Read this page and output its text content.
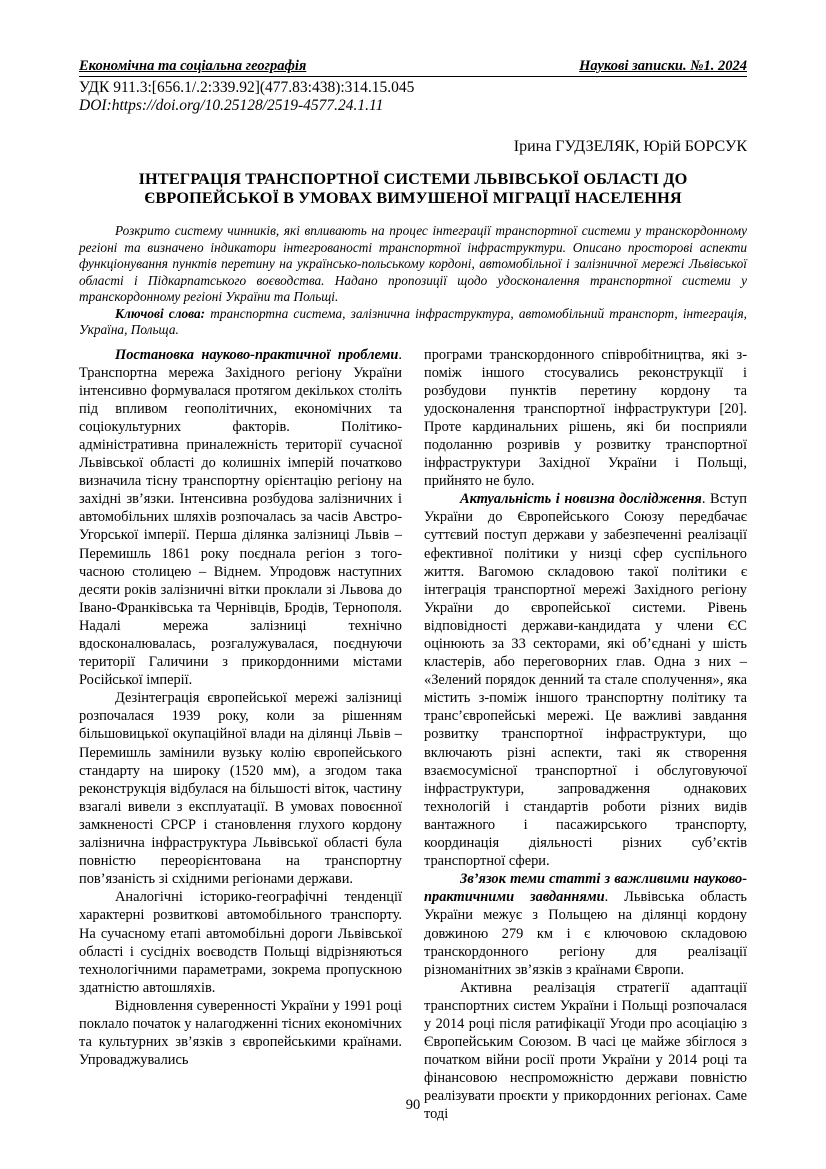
Економічна та соціальна географія	Наукові записки. №1. 2024
УДК 911.3:[656.1/.2:339.92](477.83:438):314.15.045
DOI:https://doi.org/10.25128/2519-4577.24.1.11
Ірина ГУДЗЕЛЯК, Юрій БОРСУК
ІНТЕГРАЦІЯ ТРАНСПОРТНОЇ СИСТЕМИ ЛЬВІВСЬКОЇ ОБЛАСТІ ДО ЄВРОПЕЙСЬКОЇ В УМОВАХ ВИМУШЕНОЇ МІГРАЦІЇ НАСЕЛЕННЯ
Розкрито систему чинників, які впливають на процес інтеграції транспортної системи у транскордонному регіоні та визначено індикатори інтегрованості транспортної інфраструктури. Описано просторові аспекти функціонування пунктів перетину на українсько-польському кордоні, автомобільної і залізничної мережі Львівської області і Підкарпатського воєводства. Надано пропозиції щодо удосконалення транспортної системи у транскордонному регіоні України та Польщі.
Ключові слова: транспортна система, залізнична інфраструктура, автомобільний транспорт, інтеграція, Україна, Польща.

Постановка науково-практичної проблеми. Транспортна мережа Західного регіону України інтенсивно формувалася протягом декількох століть під впливом геополітичних, економічних та соціокультурних факторів. Політико-адміністративна приналежність території сучасної Львівської області до колишніх імперій початково визначила тісну транспортну орієнтацію регіону на західні зв’язки. Інтенсивна розбудова залізничних і автомобільних шляхів розпочалась за часів Австро-Угорської імперії. Перша ділянка залізниці Львів – Перемишль 1861 року поєднала регіон з того-часною столицею – Віднем. Упродовж наступних десяти років залізничні вітки проклали зі Львова до Івано-Франківська та Чернівців, Бродів, Тернополя. Надалі мережа залізниці технічно вдосконалювалась, розгалужувалася, поєднуючи території Галичини з прикордонними містами Російської імперії.

Дезінтеграція європейської мережі залізниці розпочалася 1939 року, коли за рішенням більшовицької окупаційної влади на ділянці Львів – Перемишль замінили вузьку колію європейського стандарту на широку (1520 мм), а згодом така реконструкція відбулася на більшості віток, частину взагалі вивели з експлуатації. В умовах повоєнної замкненості СРСР і становлення глухого кордону залізнична інфраструктура Львівської області була повністю переорієнтована на транспортну пов’язаність зі східними регіонами держави.

Аналогічні історико-географічні тенденції характерні розвиткові автомобільного транспорту. На сучасному етапі автомобільні дороги Львівської області і сусідніх воєводств Польщі відрізняються технологічними параметрами, зокрема пропускною здатністю автошляхів.

Відновлення суверенності України у 1991 році поклало початок у налагодженні тісних економічних та культурних зв’язків з європейськими країнами. Упроваджувались

програми транскордонного співробітництва, які з-поміж іншого стосувались реконструкції і розбудови пунктів перетину кордону та удосконалення транспортної інфраструктури [20]. Проте кардинальних рішень, які би посприяли подоланню розривів у розвитку транспортної інфраструктури Західної України і Польщі, прийнято не було.

Актуальність і новизна дослідження. Вступ України до Європейського Союзу передбачає суттєвий поступ держави у забезпеченні реалізації ефективної політики у низці сфер суспільного життя. Вагомою складовою такої політики є інтеграція транспортної мережі Західного регіону України до європейської системи. Рівень відповідності держави-кандидата у члени ЄС оцінюють за 33 секторами, які об’єднані у шість кластерів, або переговорних глав. Одна з них – «Зелений порядок денний та стале сполучення», яка містить з-поміж іншого транспортну політику та транс’європейські мережі. Це важливі завдання розвитку транспортної інфраструктури, що включають різні аспекти, такі як створення взаємосумісної транспортної і обслуговуючої інфраструктури, запровадження однакових технологій і стандартів роботи різних видів вантажного і пасажирського транспорту, координація діяльності різних суб’єктів транспортної сфери.

Зв’язок теми статті з важливими науково-практичними завданнями. Львівська область України межує з Польщею на ділянці кордону довжиною 279 км і є ключовою складовою транскордонного регіону для реалізації різноманітних зв’язків з країнами Європи.

Активна реалізація стратегії адаптації транспортних систем України і Польщі розпочалася у 2014 році після ратифікації Угоди про асоціацію з Європейським Союзом. В часі це майже збіглося з початком війни росії проти України у 2014 році та фінансовою неспроможністю держави повністю реалізувати проєкти у прикордонних регіонах. Саме тоді

90
